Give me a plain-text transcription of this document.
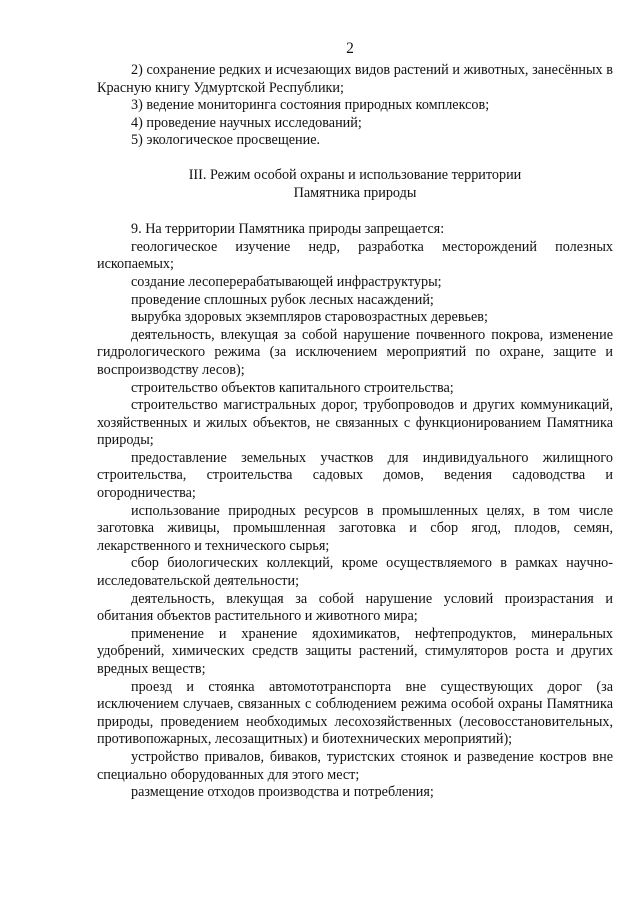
2

2) сохранение редких и исчезающих видов растений и животных, занесённых в Красную книгу Удмуртской Республики;

3) ведение мониторинга состояния природных комплексов;

4) проведение научных исследований;

5) экологическое просвещение.

III. Режим особой охраны и использование территории
Памятника природы

9. На территории Памятника природы запрещается:

геологическое изучение недр, разработка месторождений полезных ископаемых;

создание лесоперерабатывающей инфраструктуры;

проведение сплошных рубок лесных насаждений;

вырубка здоровых экземпляров старовозрастных деревьев;

деятельность, влекущая за собой нарушение почвенного покрова, изменение гидрологического режима (за исключением мероприятий по охране, защите и воспроизводству лесов);

строительство объектов капитального строительства;

строительство магистральных дорог, трубопроводов и других коммуникаций, хозяйственных и жилых объектов, не связанных с функционированием Памятника природы;

предоставление земельных участков для индивидуального жилищного строительства, строительства садовых домов, ведения садоводства и огородничества;

использование природных ресурсов в промышленных целях, в том числе заготовка живицы, промышленная заготовка и сбор ягод, плодов, семян, лекарственного и технического сырья;

сбор биологических коллекций, кроме осуществляемого в рамках научно-исследовательской деятельности;

деятельность, влекущая за собой нарушение условий произрастания и обитания объектов растительного и животного мира;

применение и хранение ядохимикатов, нефтепродуктов, минеральных удобрений, химических средств защиты растений, стимуляторов роста и других вредных веществ;

проезд и стоянка автомототранспорта вне существующих дорог (за исключением случаев, связанных с соблюдением режима особой охраны Памятника природы, проведением необходимых лесохозяйственных (лесовосстановительных, противопожарных, лесозащитных) и биотехнических мероприятий);

устройство привалов, биваков, туристских стоянок и разведение костров вне специально оборудованных для этого мест;

размещение отходов производства и потребления;
